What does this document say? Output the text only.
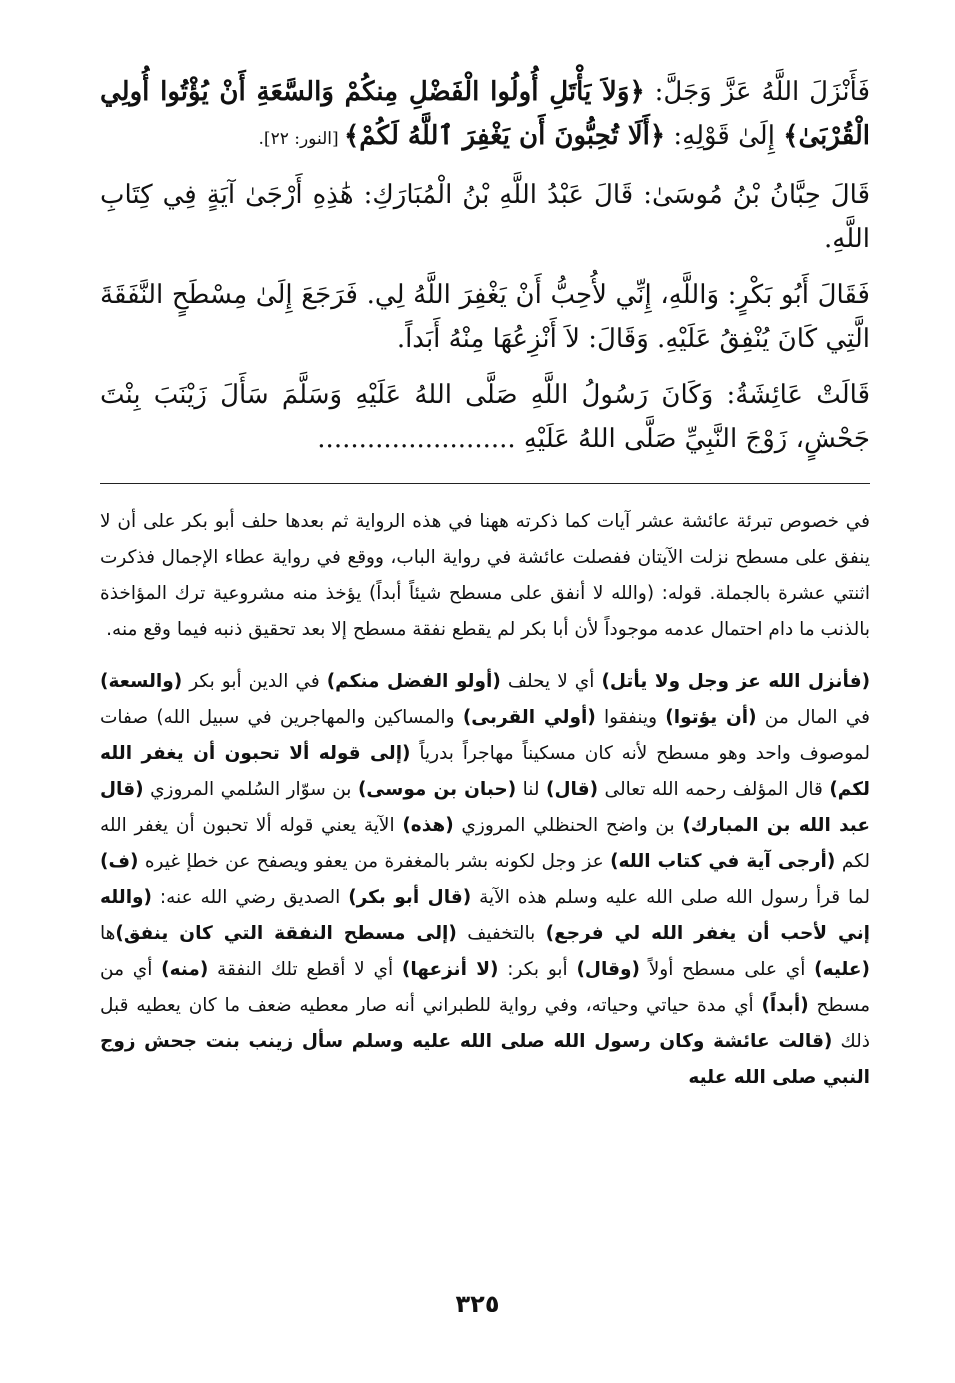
فَأَنْزَلَ اللَّهُ عَزَّ وَجَلَّ: ﴿وَلاَ يَأْتَلِ أُولُوا الْفَضْلِ مِنكُمْ وَالسَّعَةِ أَنْ يُؤْتُوا أُولِي الْقُرْبَىٰ﴾ إِلَىٰ قَوْلِهِ: ﴿أَلَا تُحِبُّونَ أَن يَغْفِرَ ٱللَّهُ لَكُمْ﴾ [النور: ٢٢].

قَالَ حِبَّانُ بْنُ مُوسَىٰ: قَالَ عَبْدُ اللَّهِ بْنُ الْمُبَارَكِ: هَٰذِهِ أَرْجَىٰ آيَةٍ فِي كِتَابِ اللَّهِ.

فَقَالَ أَبُو بَكْرٍ: وَاللَّهِ، إِنِّي لأُحِبُّ أَنْ يَغْفِرَ اللَّهُ لِي. فَرَجَعَ إِلَىٰ مِسْطَحٍ النَّفَقَةَ الَّتِي كَانَ يُنْفِقُ عَلَيْهِ. وَقَالَ: لاَ أَنْزِعُهَا مِنْهُ أَبَداً.

قَالَتْ عَائِشَةُ: وَكَانَ رَسُولُ اللَّهِ صَلَّى اللهُ عَلَيْهِ وَسَلَّمَ سَأَلَ زَيْنَبَ بِنْتَ جَحْشٍ، زَوْجَ النَّبِيِّ صَلَّى اللهُ عَلَيْهِ ........................

في خصوص تبرئة عائشة عشر آيات كما ذكرته ههنا في هذه الرواية ثم بعدها حلف أبو بكر على أن لا ينفق على مسطح نزلت الآيتان ففصلت عائشة في رواية الباب، ووقع في رواية عطاء الإجمال فذكرت اثنتي عشرة بالجملة. قوله: (والله لا أنفق على مسطح شيئاً أبداً) يؤخذ منه مشروعية ترك المؤاخذة بالذنب ما دام احتمال عدمه موجوداً لأن أبا بكر لم يقطع نفقة مسطح إلا بعد تحقيق ذنبه فيما وقع منه.

(فأنزل الله عز وجل ولا يأتل) أي لا يحلف (أولو الفضل منكم) في الدين أبو بكر (والسعة) في المال من (أن يؤتوا) وينفقوا (أولي القربى) والمساكين والمهاجرين في سبيل الله) صفات لموصوف واحد وهو مسطح لأنه كان مسكيناً مهاجراً بدرياً (إلى قوله ألا تحبون أن يغفر الله لكم) قال المؤلف رحمه الله تعالى (قال) لنا (حبان بن موسى) بن سوّار السُلمي المروزي (قال عبد الله بن المبارك) بن واضح الحنظلي المروزي (هذه) الآية يعني قوله ألا تحبون أن يغفر الله لكم (أرجى آية في كتاب الله) عز وجل لكونه بشر بالمغفرة من يعفو ويصفح عن خطإ غيره (ف) لما قرأ رسول الله صلى الله عليه وسلم هذه الآية (قال أبو بكر) الصديق رضي الله عنه: (والله إني لأحب أن يغفر الله لي فرجع) بالتخفيف (إلى مسطح النفقة التي كان ينفق)ها (عليه) أي على مسطح أولاً (وقال) أبو بكر: (لا أنزعها) أي لا أقطع تلك النفقة (منه) أي من مسطح (أبداً) أي مدة حياتي وحياته، وفي رواية للطبراني أنه صار معطيه ضعف ما كان يعطيه قبل ذلك (قالت عائشة وكان رسول الله صلى الله عليه وسلم سأل زينب بنت جحش زوج النبي صلى الله عليه

٣٢٥
